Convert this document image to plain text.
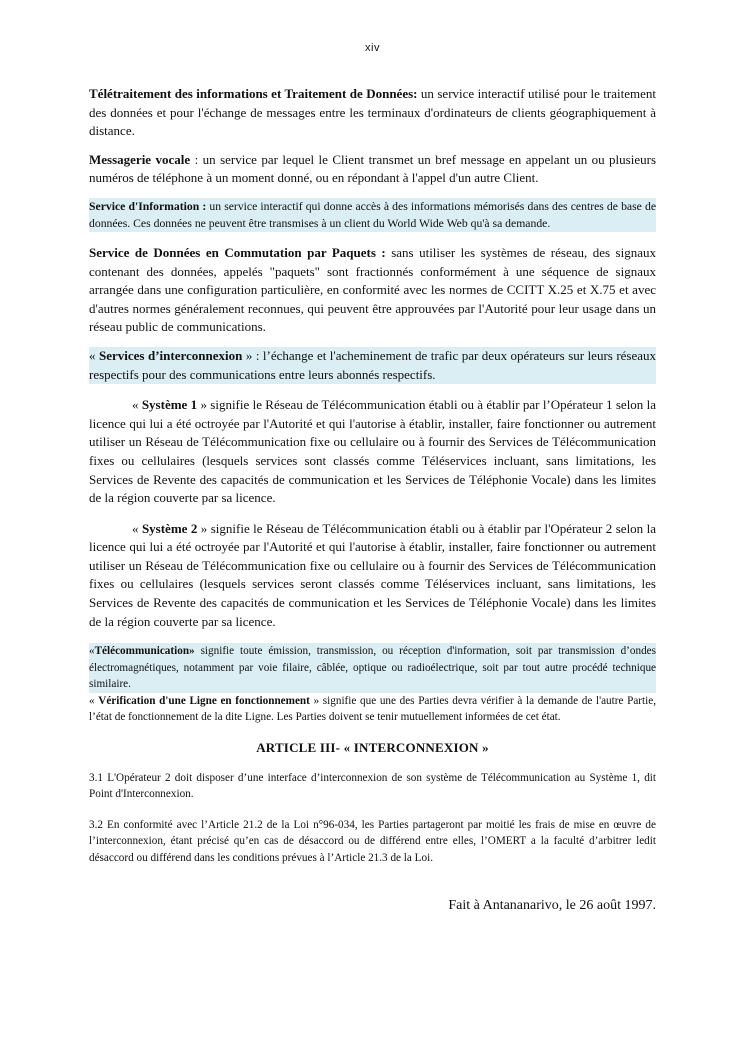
xiv

Télétraitement des informations et Traitement de Données: un service interactif utilisé pour le traitement des données et pour l'échange de messages entre les terminaux d'ordinateurs de clients géographiquement à distance.

Messagerie vocale : un service par lequel le Client transmet un bref message en appelant un ou plusieurs numéros de téléphone à un moment donné, ou en répondant à l'appel d'un autre Client.

Service d'Information : un service interactif qui donne accès à des informations mémorisés dans des centres de base de données. Ces données ne peuvent être transmises à un client du World Wide Web qu'à sa demande.

Service de Données en Commutation par Paquets : sans utiliser les systèmes de réseau, des signaux contenant des données, appelés "paquets" sont fractionnés conformément à une séquence de signaux arrangée dans une configuration particulière, en conformité avec les normes de CCITT X.25 et X.75 et avec d'autres normes généralement reconnues, qui peuvent être approuvées par l'Autorité pour leur usage dans un réseau public de communications.

« Services d’interconnexion » : l’échange et l'acheminement de trafic par deux opérateurs sur leurs réseaux respectifs pour des communications entre leurs abonnés respectifs.

« Système 1 » signifie le Réseau de Télécommunication établi ou à établir par l’Opérateur 1 selon la licence qui lui a été octroyée par l'Autorité et qui l'autorise à établir, installer, faire fonctionner ou autrement utiliser un Réseau de Télécommunication fixe ou cellulaire ou à fournir des Services de Télécommunication fixes ou cellulaires (lesquels services sont classés comme Téléservices incluant, sans limitations, les Services de Revente des capacités de communication et les Services de Téléphonie Vocale) dans les limites de la région couverte par sa licence.

« Système 2 » signifie le Réseau de Télécommunication établi ou à établir par l'Opérateur 2 selon la licence qui lui a été octroyée par l'Autorité et qui l'autorise à établir, installer, faire fonctionner ou autrement utiliser un Réseau de Télécommunication fixe ou cellulaire ou à fournir des Services de Télécommunication fixes ou cellulaires (lesquels services seront classés comme Téléservices incluant, sans limitations, les Services de Revente des capacités de communication et les Services de Téléphonie Vocale) dans les limites de la région couverte par sa licence.

«Télécommunication» signifie toute émission, transmission, ou réception d'information, soit par transmission d’ondes électromagnétiques, notamment par voie filaire, câblée, optique ou radioélectrique, soit par tout autre procédé technique similaire.

« Vérification d'une Ligne en fonctionnement » signifie que une des Parties devra vérifier à la demande de l'autre Partie, l’état de fonctionnement de la dite Ligne. Les Parties doivent se tenir mutuellement informées de cet état.

ARTICLE III- « INTERCONNEXION »

3.1 L'Opérateur 2 doit disposer d’une interface d’interconnexion de son système de Télécommunication au Système 1, dit Point d'Interconnexion.

3.2 En conformité avec l’Article 21.2 de la Loi n°96-034, les Parties partageront par moitié les frais de mise en œuvre de l’interconnexion, étant précisé qu’en cas de désaccord ou de différend entre elles, l’OMERT a la faculté d’arbitrer ledit désaccord ou différend dans les conditions prévues à l’Article 21.3 de la Loi.

Fait à Antananarivo, le 26 août 1997.
